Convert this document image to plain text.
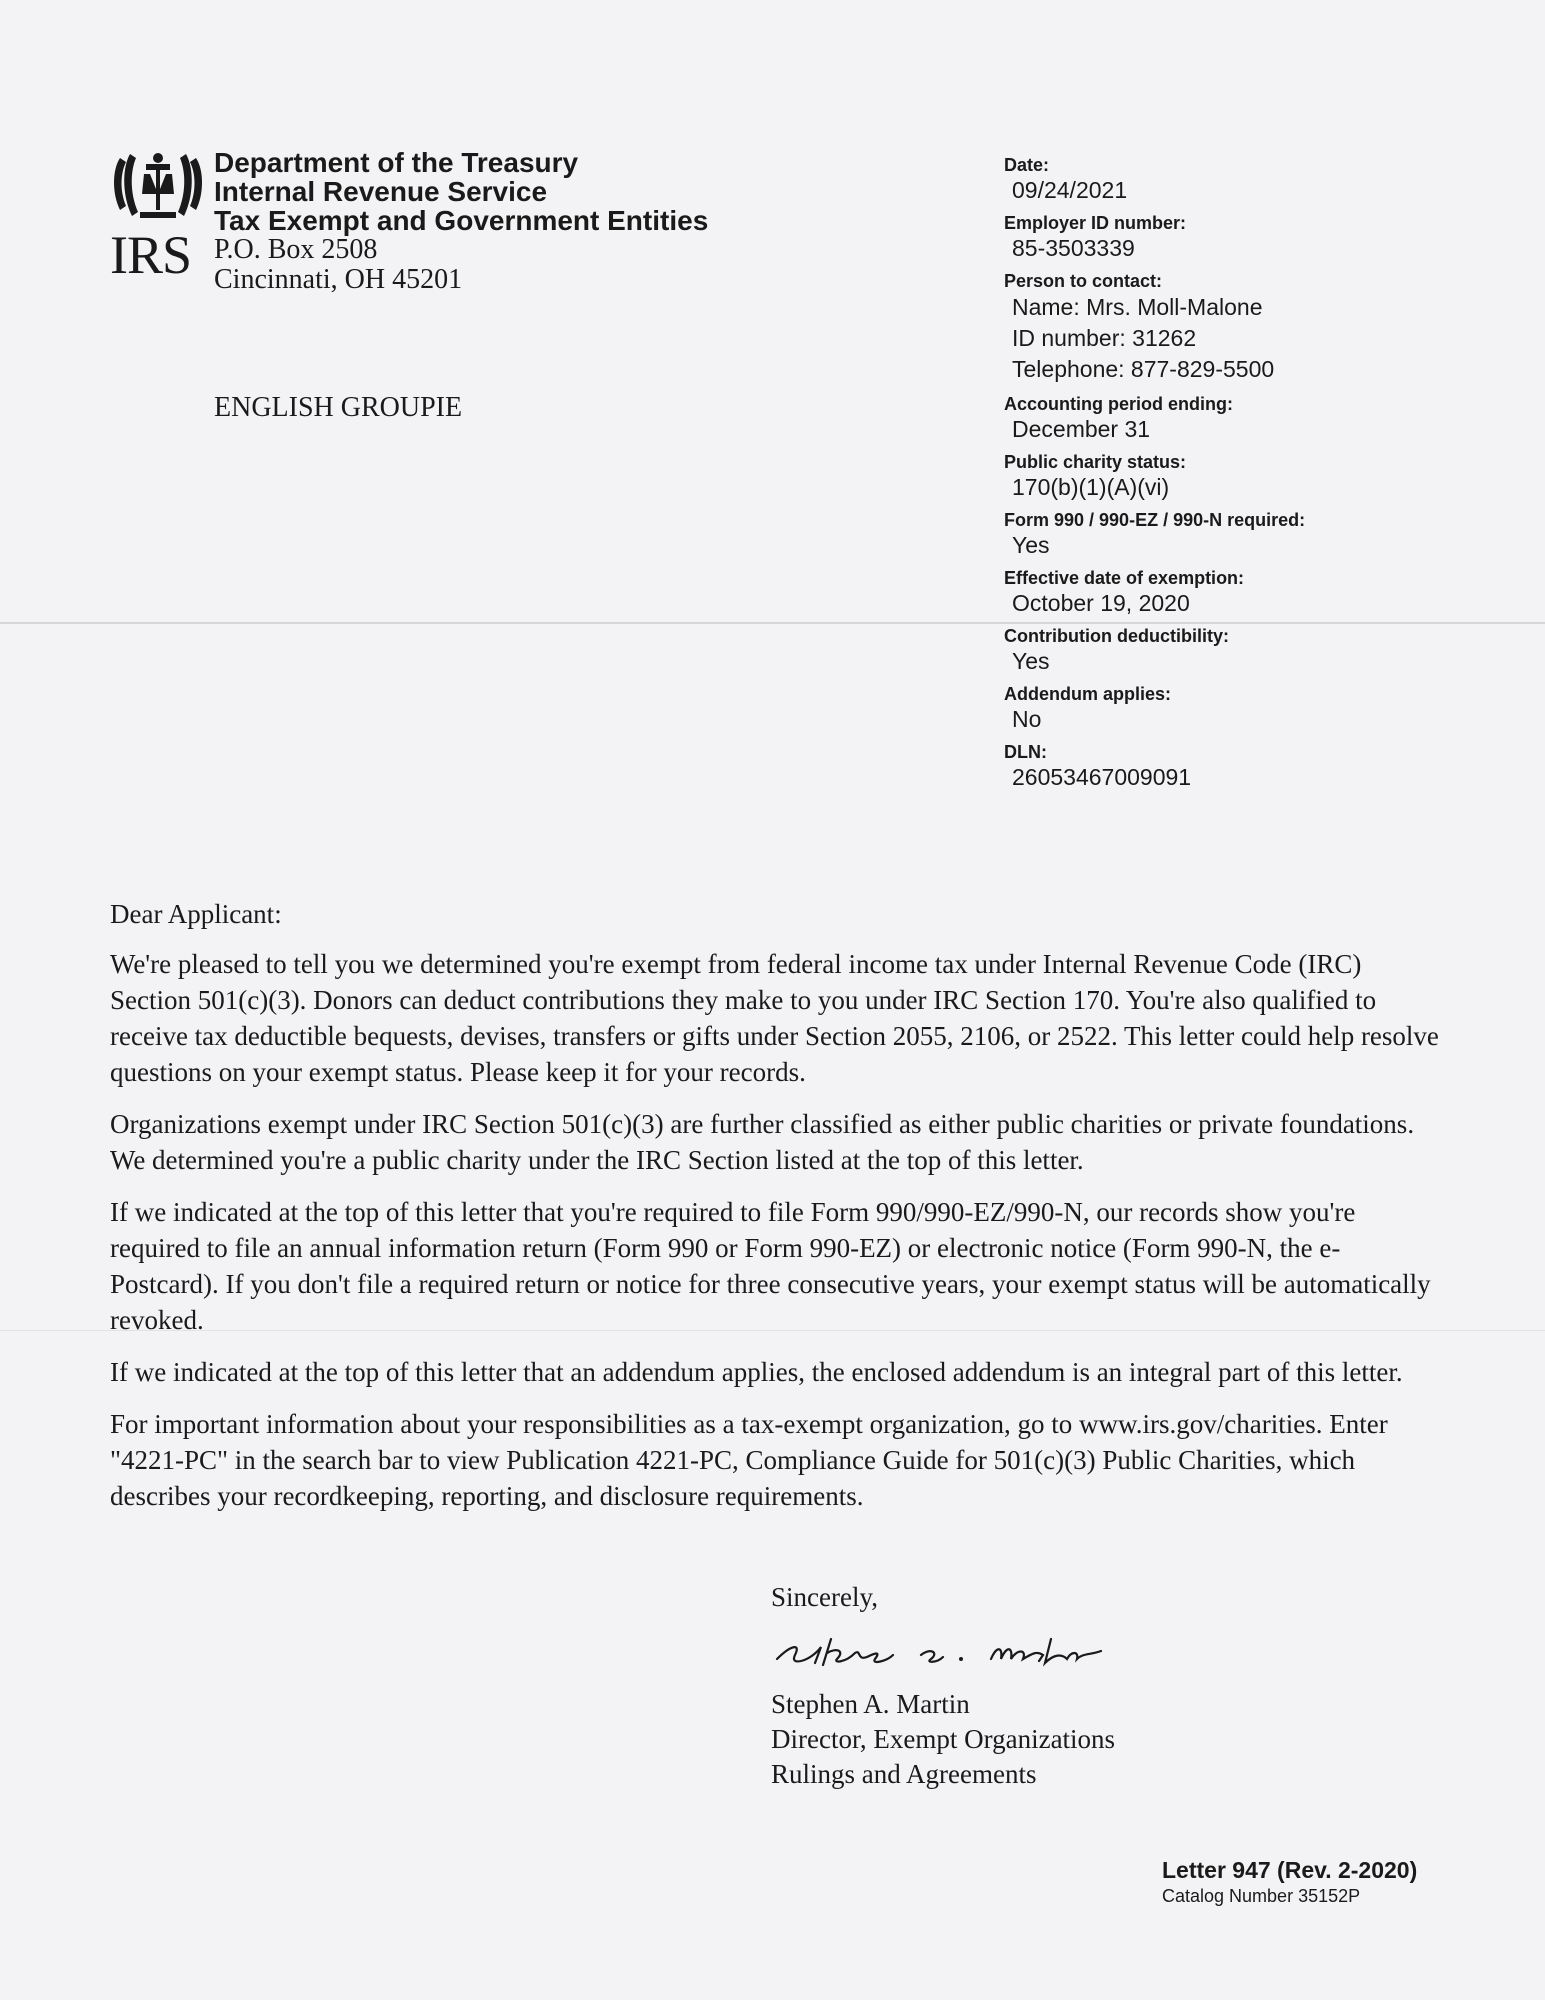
IRS
Department of the Treasury
Internal Revenue Service
Tax Exempt and Government Entities
P.O. Box 2508
Cincinnati, OH 45201
ENGLISH GROUPIE
Date:
09/24/2021
Employer ID number:
85-3503339
Person to contact:
Name: Mrs. Moll-Malone
ID number: 31262
Telephone: 877-829-5500
Accounting period ending:
December 31
Public charity status:
170(b)(1)(A)(vi)
Form 990 / 990-EZ / 990-N required:
Yes
Effective date of exemption:
October 19, 2020
Contribution deductibility:
Yes
Addendum applies:
No
DLN:
26053467009091

Dear Applicant:

We're pleased to tell you we determined you're exempt from federal income tax under Internal Revenue Code (IRC) Section 501(c)(3). Donors can deduct contributions they make to you under IRC Section 170. You're also qualified to receive tax deductible bequests, devises, transfers or gifts under Section 2055, 2106, or 2522. This letter could help resolve questions on your exempt status. Please keep it for your records.

Organizations exempt under IRC Section 501(c)(3) are further classified as either public charities or private foundations. We determined you're a public charity under the IRC Section listed at the top of this letter.

If we indicated at the top of this letter that you're required to file Form 990/990-EZ/990-N, our records show you're required to file an annual information return (Form 990 or Form 990-EZ) or electronic notice (Form 990-N, the e-Postcard). If you don't file a required return or notice for three consecutive years, your exempt status will be automatically revoked.

If we indicated at the top of this letter that an addendum applies, the enclosed addendum is an integral part of this letter.

For important information about your responsibilities as a tax-exempt organization, go to www.irs.gov/charities. Enter "4221-PC" in the search bar to view Publication 4221-PC, Compliance Guide for 501(c)(3) Public Charities, which describes your recordkeeping, reporting, and disclosure requirements.

Sincerely,
Stephen A. Martin
Director, Exempt Organizations
Rulings and Agreements
Letter 947 (Rev. 2-2020)
Catalog Number 35152P
